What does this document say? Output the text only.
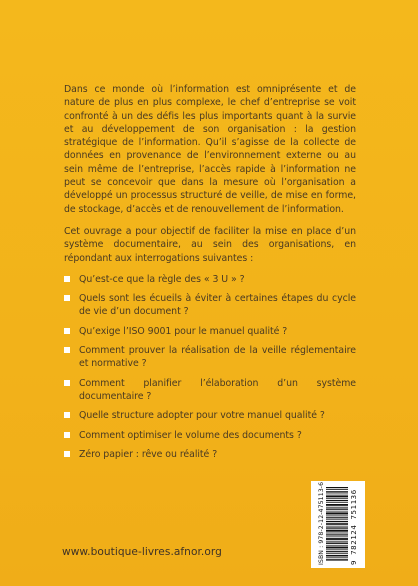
Dans ce monde où l’information est omniprésente et de nature de plus en plus complexe, le chef d’entreprise se voit confronté à un des défis les plus importants quant à la survie et au développement de son organisation : la gestion stratégique de l’information. Qu’il s’agisse de la collecte de données en provenance de l’environnement externe ou au sein même de l’entreprise, l’accès rapide à l’information ne peut se concevoir que dans la mesure où l’organisation a développé un processus structuré de veille, de mise en forme, de stockage, d’accès et de renouvellement de l’information.

Cet ouvrage a pour objectif de faciliter la mise en place d’un système documentaire, au sein des organisations, en répondant aux interrogations suivantes :

Qu’est-ce que la règle des « 3 U » ?
Quels sont les écueils à éviter à certaines étapes du cycle de vie d’un document ?
Qu’exige l’ISO 9001 pour le manuel qualité ?
Comment prouver la réalisation de la veille réglementaire et normative ?
Comment planifier l’élaboration d’un système documentaire ?
Quelle structure adopter pour votre manuel qualité ?
Comment optimiser le volume des documents ?
Zéro papier : rêve ou réalité ?
www.boutique-livres.afnor.org	ISBN : 978-2-12-475113-6	9 782124 751136
